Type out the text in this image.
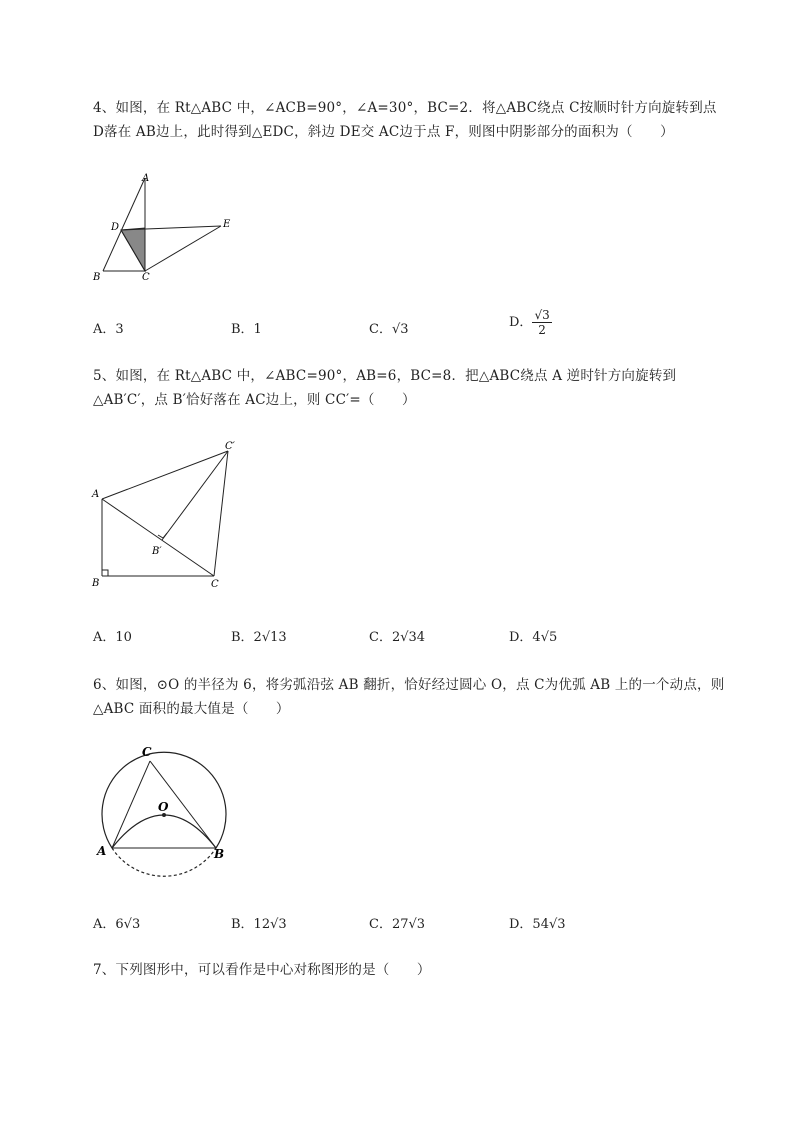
4、如图，在 Rt△ABC 中，∠ACB=90°，∠A=30°，BC=2．将△ABC绕点 C按顺时针方向旋转到点
D落在 AB边上，此时得到△EDC，斜边 DE交 AC边于点 F，则图中阴影部分的面积为（　　）
A
B	C
D	E
A．3	B．1	C．√3	D． $\frac{√3}{2}$
5、如图，在 Rt△ABC 中，∠ABC=90°，AB=6，BC=8．把△ABC绕点 A 逆时针方向旋转到
△AB′C′，点 B′恰好落在 AC边上，则 CC′=（　　）
A
B	C
B′
C′
A．10	B．2√13	C．2√34	D．4√5
6、如图，⊙O 的半径为 6，将劣弧沿弦 AB 翻折，恰好经过圆心 O，点 C为优弧 AB 上的一个动点，则
△ABC 面积的最大值是（　　）
C
O
A	B
A．6√3	B．12√3	C．27√3	D．54√3
7、下列图形中，可以看作是中心对称图形的是（　　）
